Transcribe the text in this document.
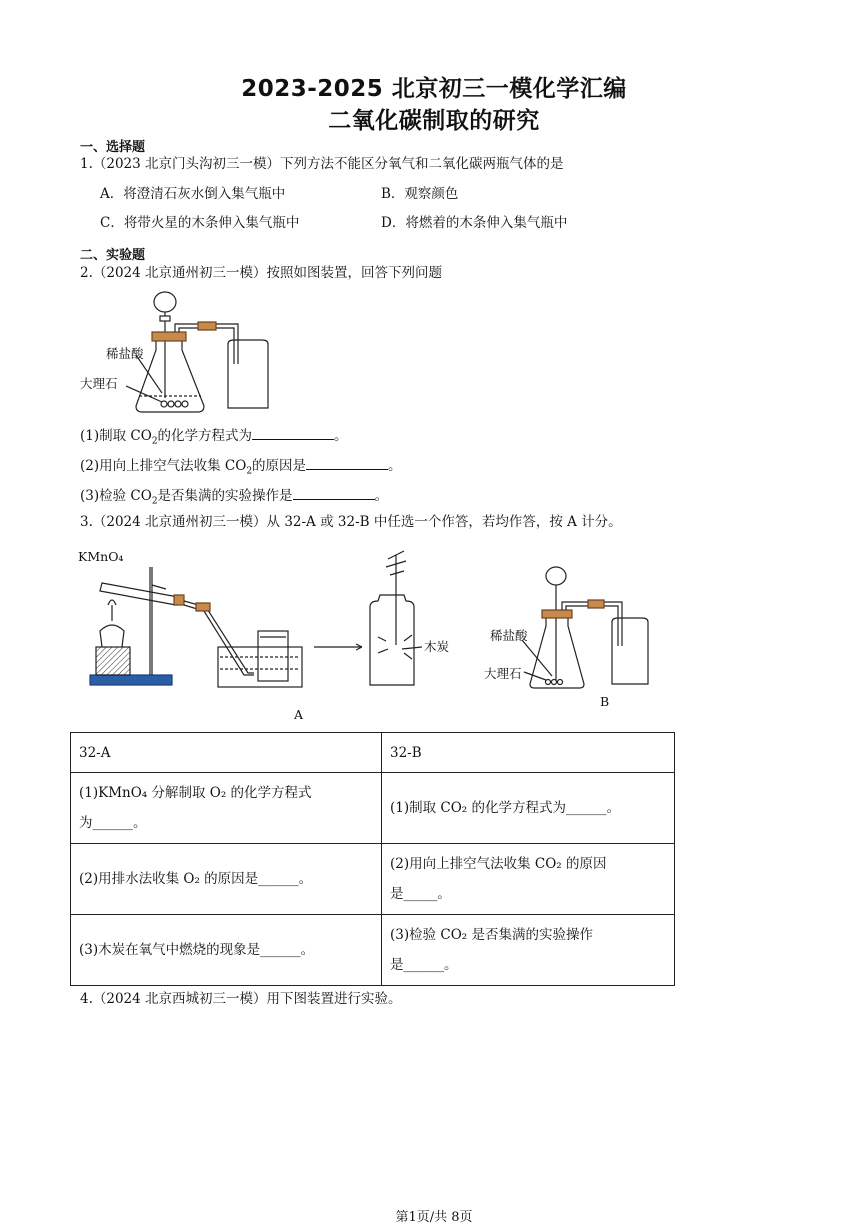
2023-2025 北京初三一模化学汇编
二氧化碳制取的研究
一、选择题
1.（2023 北京门头沟初三一模）下列方法不能区分氧气和二氧化碳两瓶气体的是
A．将澄清石灰水倒入集气瓶中	B．观察颜色
C．将带火星的木条伸入集气瓶中	D．将燃着的木条伸入集气瓶中
二、实验题
2.（2024 北京通州初三一模）按照如图装置，回答下列问题
稀盐酸
大理石
(1)制取 $CO_2$的化学方程式为	。
(2)用向上排空气法收集 $CO_2$的原因是	。
(3)检验 $CO_2$是否集满的实验操作是	。
3.（2024 北京通州初三一模）从 32-A 或 32-B 中任选一个作答，若均作答，按 A 计分。
KMnO₄
木炭
A
稀盐酸
大理石
B
32-A	32-B

(1)KMnO₄ 分解制取 O₂ 的化学方程式
为______。	(1)制取 CO₂ 的化学方程式为______。
(2)用排水法收集 O₂ 的原因是______。	(2)用向上排空气法收集 CO₂ 的原因
是_____。

(3)木炭在氧气中燃烧的现象是______。	(3)检验 CO₂ 是否集满的实验操作
是______。
4.（2024 北京西城初三一模）用下图装置进行实验。
第1页/共 8页
